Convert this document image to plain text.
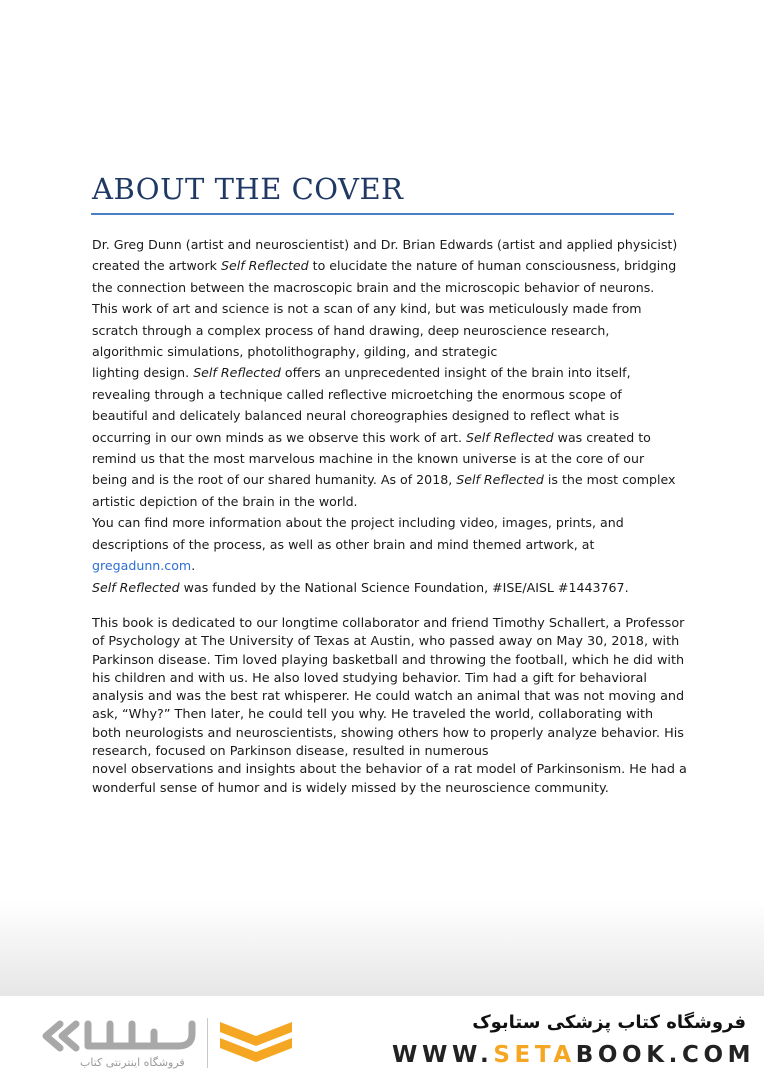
ABOUT THE COVER
Dr. Greg Dunn (artist and neuroscientist) and Dr. Brian Edwards (artist and applied physicist)
created the artwork Self Reflected to elucidate the nature of human consciousness, bridging
the connection between the macroscopic brain and the microscopic behavior of neurons.
This work of art and science is not a scan of any kind, but was meticulously made from
scratch through a complex process of hand drawing, deep neuroscience research,
algorithmic simulations, photolithography, gilding, and strategic
lighting design. Self Reflected offers an unprecedented insight of the brain into itself,
revealing through a technique called reflective microetching the enormous scope of
beautiful and delicately balanced neural choreographies designed to reflect what is
occurring in our own minds as we observe this work of art. Self Reflected was created to
remind us that the most marvelous machine in the known universe is at the core of our
being and is the root of our shared humanity. As of 2018, Self Reflected is the most complex
artistic depiction of the brain in the world.
You can find more information about the project including video, images, prints, and
descriptions of the process, as well as other brain and mind themed artwork, at
gregadunn.com.
Self Reflected was funded by the National Science Foundation, #ISE/AISL #1443767.
This book is dedicated to our longtime collaborator and friend Timothy Schallert, a Professor
of Psychology at The University of Texas at Austin, who passed away on May 30, 2018, with
Parkinson disease. Tim loved playing basketball and throwing the football, which he did with
his children and with us. He also loved studying behavior. Tim had a gift for behavioral
analysis and was the best rat whisperer. He could watch an animal that was not moving and
ask, “Why?” Then later, he could tell you why. He traveled the world, collaborating with
both neurologists and neuroscientists, showing others how to properly analyze behavior. His
research, focused on Parkinson disease, resulted in numerous
novel observations and insights about the behavior of a rat model of Parkinsonism. He had a
wonderful sense of humor and is widely missed by the neuroscience community.
فروشگاه اینترنتی کتاب
فروشگاه کتاب پزشکی ستابوک
WWW.SETABOOK.COM
